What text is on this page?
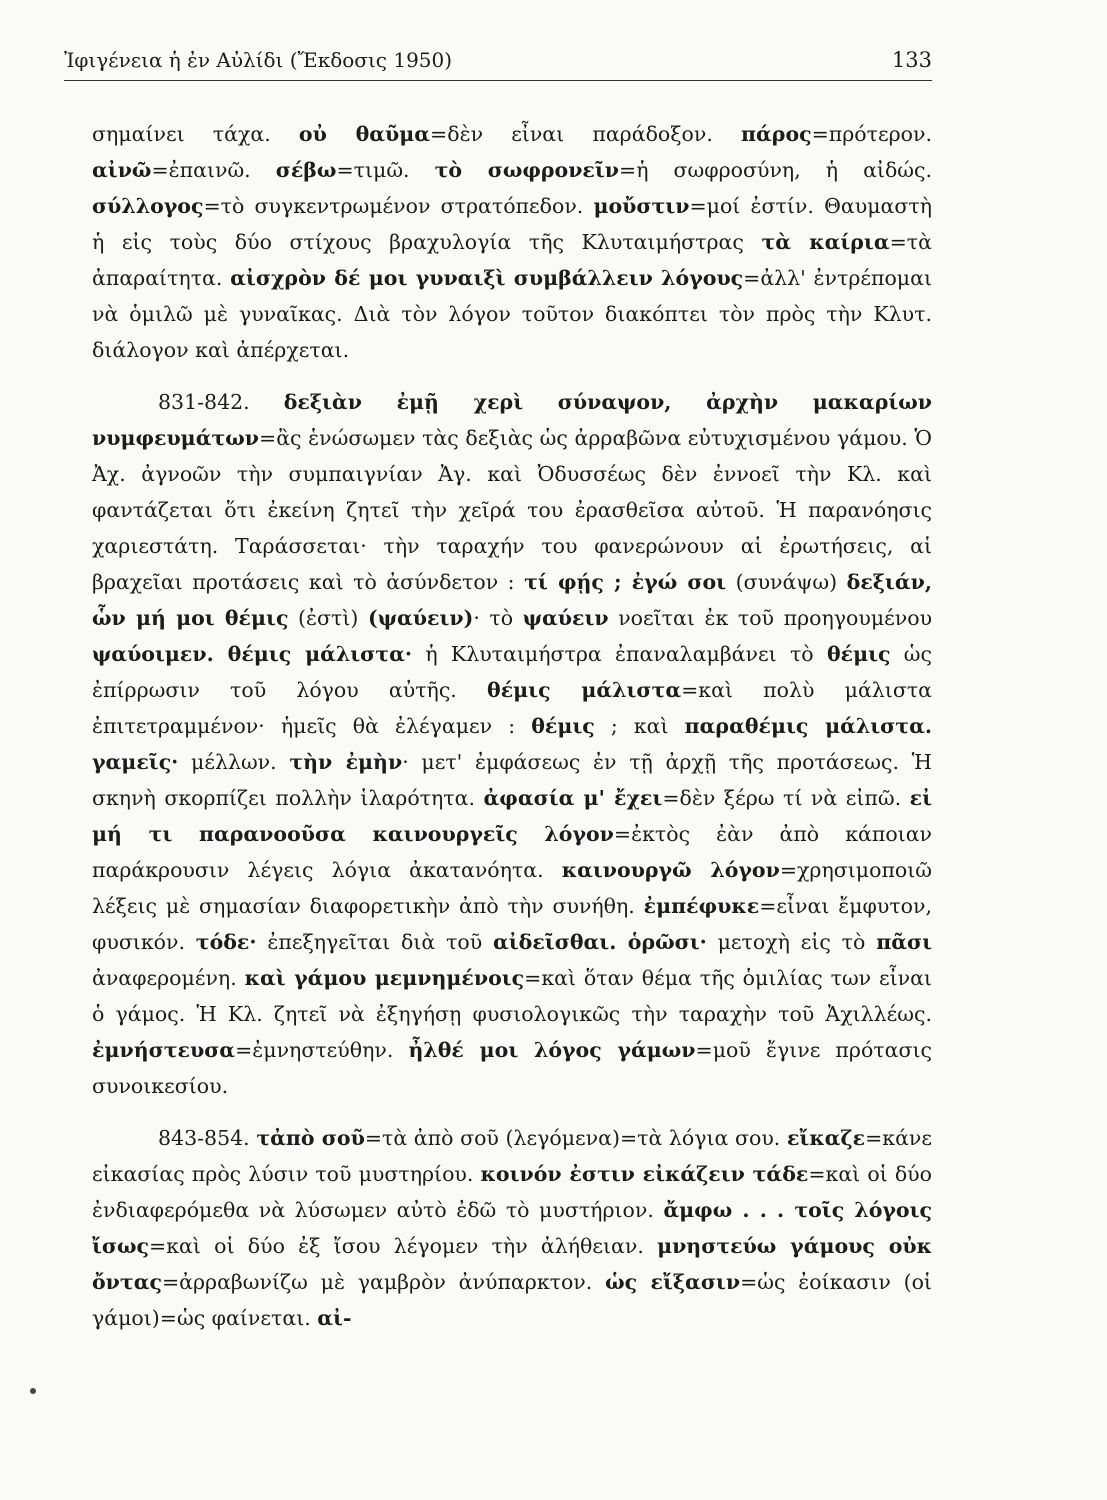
Ἰφιγένεια ἡ ἐν Αὐλίδι (Ἔκδοσις 1950)	133

σημαίνει τάχα. οὐ θαῦμα=δὲν εἶναι παράδοξον. πάρος=πρότερον. αἰνῶ=ἐπαινῶ. σέβω=τιμῶ. τὸ σωφρονεῖν=ἡ σωφροσύνη, ἡ αἰδώς. σύλλογος=τὸ συγκεντρωμένον στρατόπεδον. μοὔστιν=μοί ἐστίν. Θαυμαστὴ ἡ εἰς τοὺς δύο στίχους βραχυλογία τῆς Κλυταιμήστρας τὰ καίρια=τὰ ἀπαραίτητα. αἰσχρὸν δέ μοι γυναιξὶ συμβάλλειν λόγους=ἀλλ' ἐντρέπομαι νὰ ὁμιλῶ μὲ γυναῖκας. Διὰ τὸν λόγον τοῦτον διακόπτει τὸν πρὸς τὴν Κλυτ. διάλογον καὶ ἀπέρχεται.

831-842. δεξιὰν ἐμῇ χερὶ σύναψον, ἀρχὴν μακαρίων νυμφευμάτων=ἂς ἑνώσωμεν τὰς δεξιὰς ὡς ἀρραβῶνα εὐτυχισμένου γάμου. Ὁ Ἀχ. ἀγνοῶν τὴν συμπαιγνίαν Ἀγ. καὶ Ὀδυσσέως δὲν ἐννοεῖ τὴν Κλ. καὶ φαντάζεται ὅτι ἐκείνη ζητεῖ τὴν χεῖρά του ἐρασθεῖσα αὐτοῦ. Ἡ παρανόησις χαριεστάτη. Ταράσσεται· τὴν ταραχήν του φανερώνουν αἱ ἐρωτήσεις, αἱ βραχεῖαι προτάσεις καὶ τὸ ἀσύνδετον : τί φῄς ; ἐγώ σοι (συνάψω) δεξιάν, ὧν μή μοι θέμις (ἐστὶ) (ψαύειν)· τὸ ψαύειν νοεῖται ἐκ τοῦ προηγουμένου ψαύοιμεν. θέμις μάλιστα· ἡ Κλυταιμήστρα ἐπαναλαμβάνει τὸ θέμις ὡς ἐπίρρωσιν τοῦ λόγου αὐτῆς. θέμις μάλιστα=καὶ πολὺ μάλιστα ἐπιτετραμμένον· ἡμεῖς θὰ ἐλέγαμεν : θέμις ; καὶ παραθέμις μάλιστα. γαμεῖς· μέλλων. τὴν ἐμὴν· μετ' ἐμφάσεως ἐν τῇ ἀρχῇ τῆς προτάσεως. Ἡ σκηνὴ σκορπίζει πολλὴν ἱλαρότητα. ἀφασία μ' ἔχει=δὲν ξέρω τί νὰ εἰπῶ. εἰ μή τι παρανοοῦσα καινουργεῖς λόγον=ἐκτὸς ἐὰν ἀπὸ κάποιαν παράκρουσιν λέγεις λόγια ἀκατανόητα. καινουργῶ λόγον=χρησιμοποιῶ λέξεις μὲ σημασίαν διαφορετικὴν ἀπὸ τὴν συνήθη. ἐμπέφυκε=εἶναι ἔμφυτον, φυσικόν. τόδε· ἐπεξηγεῖται διὰ τοῦ αἰδεῖσθαι. ὁρῶσι· μετοχὴ εἰς τὸ πᾶσι ἀναφερομένη. καὶ γάμου μεμνημένοις=καὶ ὅταν θέμα τῆς ὁμιλίας των εἶναι ὁ γάμος. Ἡ Κλ. ζητεῖ νὰ ἐξηγήσῃ φυσιολογικῶς τὴν ταραχὴν τοῦ Ἀχιλλέως. ἐμνήστευσα=ἐμνηστεύθην. ἦλθέ μοι λόγος γάμων=μοῦ ἔγινε πρότασις συνοικεσίου.

843-854. τἀπὸ σοῦ=τὰ ἀπὸ σοῦ (λεγόμενα)=τὰ λόγια σου. εἴκαζε=κάνε εἰκασίας πρὸς λύσιν τοῦ μυστηρίου. κοινόν ἐστιν εἰκάζειν τάδε=καὶ οἱ δύο ἐνδιαφερόμεθα νὰ λύσωμεν αὐτὸ ἐδῶ τὸ μυστήριον. ἄμφω . . . τοῖς λόγοις ἴσως=καὶ οἱ δύο ἐξ ἴσου λέγομεν τὴν ἀλήθειαν. μνηστεύω γάμους οὐκ ὄντας=ἀρραβωνίζω μὲ γαμβρὸν ἀνύπαρκτον. ὡς εἴξασιν=ὡς ἐοίκασιν (οἱ γάμοι)=ὡς φαίνεται. αἰ-
